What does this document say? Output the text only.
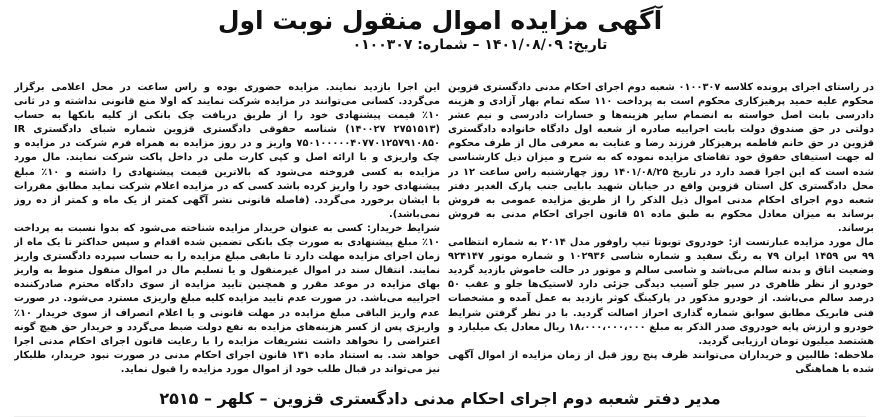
آگهی مزایده اموال منقول نوبت اول
تاریخ: ۱۴۰۱/۰۸/۰۹ – شماره: ۰۱۰۰۳۰۷

در راستای اجرای پرونده کلاسه ۰۱۰۰۳۰۷ شعبه دوم اجرای احکام مدنی دادگستری قزوین محکوم علیه حمید پرهیزکاری محکوم است به پرداخت ۱۱۰ سکه تمام بهار آزادی و هزینه دادرسی بابت اصل خواسته به انضمام سایر هزینه‌ها و خسارات دادرسی و نیم عشر دولتی در حق صندوق دولت بابت اجراییه صادره از شعبه اول دادگاه خانواده دادگستری قزوین در حق خانم فاطمه پرهیزکار فرزند رضا و عنایت به معرفی مال از طرف محکوم له جهت استیفای حقوق خود تقاضای مزایده نموده که به شرح و میزان ذیل کارشناسی شده است که این اجرا قصد دارد در تاریخ ۱۴۰۱/۰۸/۲۵ روز چهارشنبه راس ساعت ۱۲ در محل دادگستری کل استان قزوین واقع در خیابان شهید بابایی جنب پارک الغدیر دفتر شعبه دوم اجرای احکام مدنی اموال ذیل الذکر را از طریق مزایده عمومی به فروش برساند به میزان معادل محکوم به طبق ماده ۵۱ قانون اجرای احکام مدنی به فروش برساند.

مال مورد مزایده عبارتست از: خودروی تویوتا تیپ راوفور مدل ۲۰۱۴ به شماره انتظامی ۹۹ س ۱۴۵۹ ایران ۷۹ به رنگ سفید و شماره شاسی ۱۰۲۹۳۶ و شماره موتور ۹۲۴۱۴۷ وضعیت اتاق و بدنه سالم می‌باشد و شاسی سالم و موتور در حالت خاموش بازدید گردید خودرو از نظر ظاهری در سپر جلو آسیب دیدگی جزئی دارد لاستیک‌ها جلو و عقب ۵۰ درصد سالم می‌باشد. از خودرو مذکور در پارکینگ کوثر بازدید به عمل آمده و مشخصات فنی فابریک مطابق سوابق شماره گذاری احراز اصالت گردید. با در نظر گرفتن شرایط خودرو و ارزش پایه خودروی صدر الذکر به مبلغ ۱۸،۰۰۰،۰۰۰،۰۰۰ ریال معادل یک میلیارد و هشتصد میلیون تومان ارزیابی گردید.

ملاحظه: طالبین و خریداران می‌توانند ظرف پنج روز قبل از زمان مزایده از اموال آگهی شده با هماهنگی

این اجرا بازدید نمایند. مزایده حضوری بوده و راس ساعت در محل اعلامی برگزار می‌گردد. کسانی می‌توانند در مزایده شرکت نمایند که اولا منع قانونی نداشته و در ثانی ۱۰٪ قیمت پیشنهادی خود را از طریق دریافت چک بانکی از کلیه بانکها به حساب (۲۷۵۱۵۱۳ ۱۴۰۰۲۷) شناسه حقوقی دادگستری قزوین شماره شبای دادگستری IR ۷۵۰۱۰۰۰۰۰۴۰۷۷۰۱۲۵۷۹۱۰۸۵۰ واریز و در روز مزایده به همراه فرم شرکت در مزایده و چک واریزی و با ارائه اصل و کپی کارت ملی در داخل پاکت شرکت نمایند. مال مورد مزایده به کسی فروخته می‌شود که بالاترین قیمت پیشنهادی را داشته و ۱۰٪ مبلغ پیشنهادی خود را واریز کرده باشد کسی که در مزایده اعلام شرکت نماید مطابق مقررات با ایشان برخورد می‌گردد. (فاصله قانونی نشر آگهی کمتر از یک ماه و کمتر از ده روز نمی‌باشد).

شرایط خریدار: کسی به عنوان خریدار مزایده شناخته می‌شود که بدوا نسبت به پرداخت ۱۰٪ مبلغ پیشنهادی به صورت چک بانکی تضمین شده اقدام و سپس حداکثر تا یک ماه از زمان اجرای مزایده مهلت دارد تا مابقی مبلغ مزایده را به حساب سپرده دادگستری واریز نمایند. انتقال سند در اموال غیرمنقول و یا تسلیم مال در اموال منقول منوط به واریز بهای مزایده در موعد مقرر و همچنین تایید مزایده از سوی دادگاه محترم صادرکننده اجراییه می‌باشد. در صورت عدم تایید مزایده کلیه مبلغ واریزی مسترد می‌شود. در صورت عدم واریز الباقی مبلغ مزایده در مهلت قانونی و یا اعلام انصراف از سوی خریدار ۱۰٪ واریزی پس از کسر هزینه‌های مزایده به نفع دولت ضبط می‌گردد و خریدار حق هیچ گونه اعتراضی را نخواهد داشت تشریفات مزایده را با رعایت قانون اجرای احکام مدنی اجرا خواهد شد. به استناد ماده ۱۳۱ قانون اجرای احکام مدنی در صورت نبود خریدار، طلبکار نیز می‌تواند در قبال طلب خود از اموال مورد مزایده را قبول نماید.

مدیر دفتر شعبه دوم اجرای احکام مدنی دادگستری قزوین – کلهر – ۲۵۱۵
